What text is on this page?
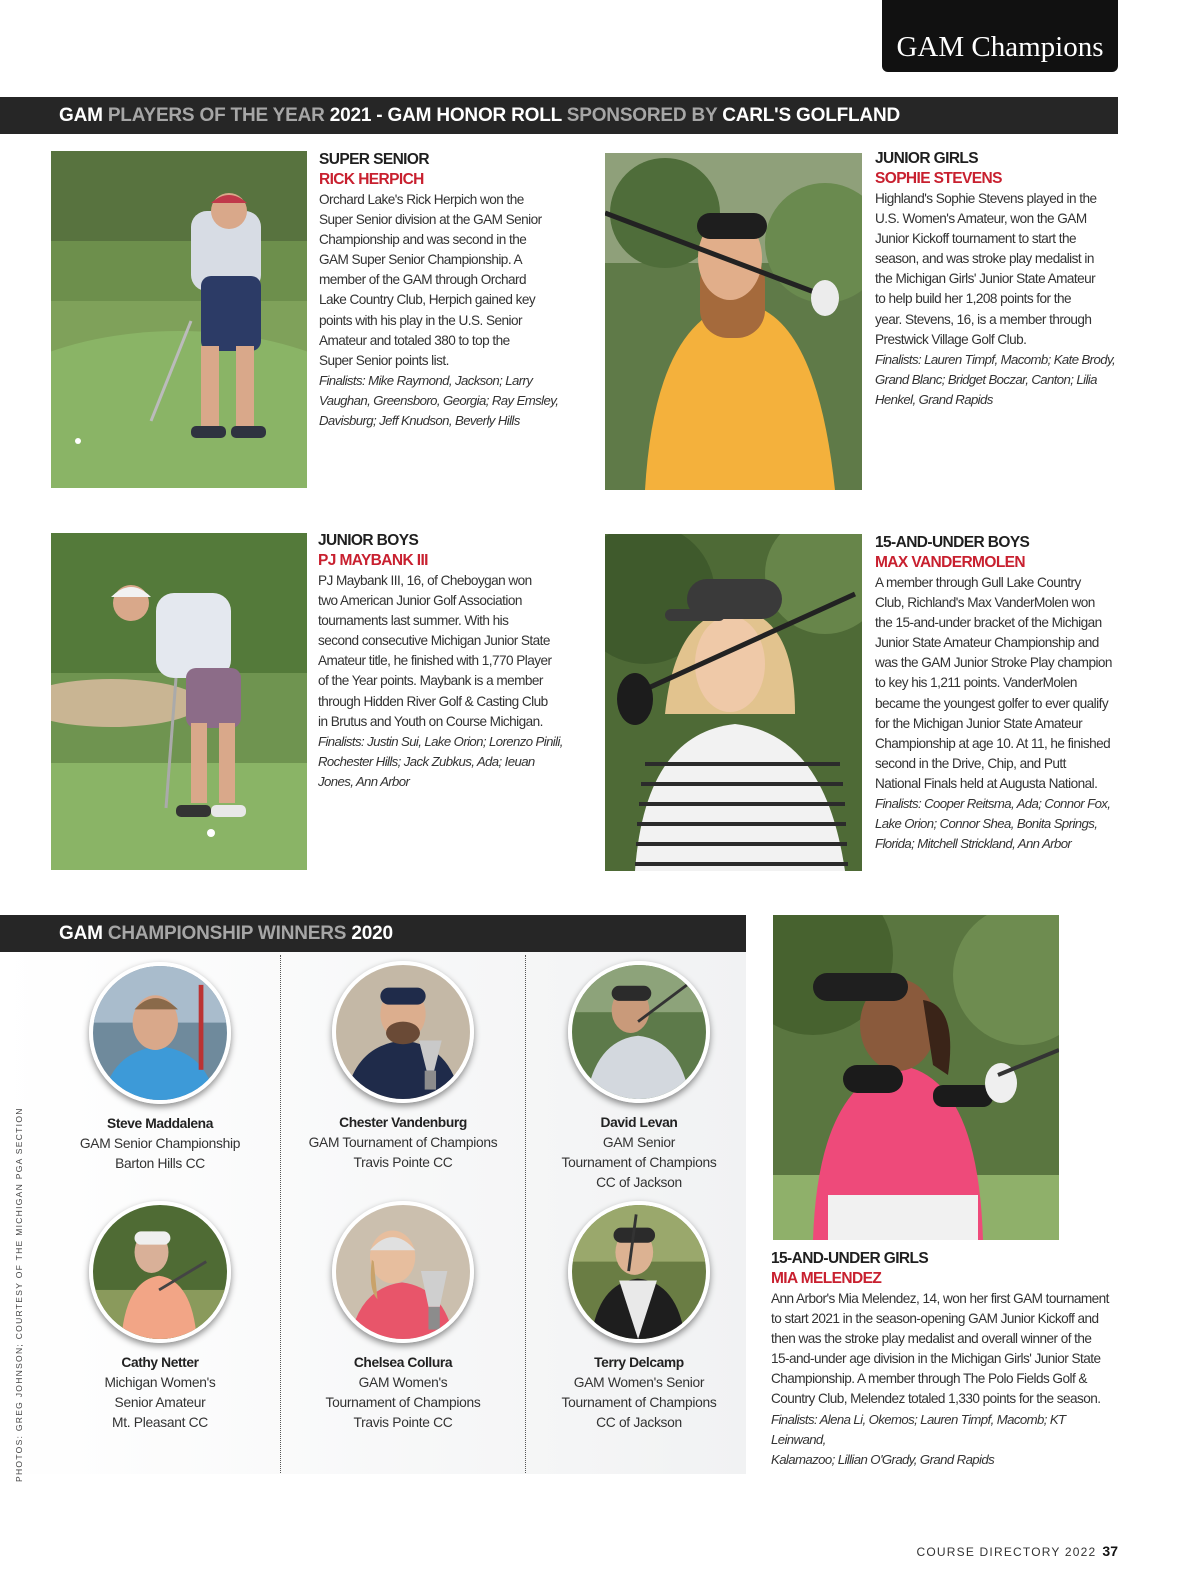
GAM Champions
GAM PLAYERS OF THE YEAR 2021 - GAM HONOR ROLL SPONSORED BY CARL'S GOLFLAND
SUPER SENIOR
RICK HERPICH
Orchard Lake's Rick Herpich won the
Super Senior division at the GAM Senior
Championship and was second in the
GAM Super Senior Championship. A
member of the GAM through Orchard
Lake Country Club, Herpich gained key
points with his play in the U.S. Senior
Amateur and totaled 380 to top the
Super Senior points list.
Finalists: Mike Raymond, Jackson; Larry
Vaughan, Greensboro, Georgia; Ray Emsley,
Davisburg; Jeff Knudson, Beverly Hills
JUNIOR GIRLS
SOPHIE STEVENS
Highland's Sophie Stevens played in the
U.S. Women's Amateur, won the GAM
Junior Kickoff tournament to start the
season, and was stroke play medalist in
the Michigan Girls' Junior State Amateur
to help build her 1,208 points for the
year. Stevens, 16, is a member through
Prestwick Village Golf Club.
Finalists: Lauren Timpf, Macomb; Kate Brody,
Grand Blanc; Bridget Boczar, Canton; Lilia
Henkel, Grand Rapids
JUNIOR BOYS
PJ MAYBANK III
PJ Maybank III, 16, of Cheboygan won
two American Junior Golf Association
tournaments last summer. With his
second consecutive Michigan Junior State
Amateur title, he finished with 1,770 Player
of the Year points. Maybank is a member
through Hidden River Golf & Casting Club
in Brutus and Youth on Course Michigan.
Finalists: Justin Sui, Lake Orion; Lorenzo Pinili,
Rochester Hills; Jack Zubkus, Ada; Ieuan
Jones, Ann Arbor
15-AND-UNDER BOYS
MAX VANDERMOLEN
A member through Gull Lake Country
Club, Richland's Max VanderMolen won
the 15-and-under bracket of the Michigan
Junior State Amateur Championship and
was the GAM Junior Stroke Play champion
to key his 1,211 points. VanderMolen
became the youngest golfer to ever qualify
for the Michigan Junior State Amateur
Championship at age 10. At 11, he finished
second in the Drive, Chip, and Putt
National Finals held at Augusta National.
Finalists: Cooper Reitsma, Ada; Connor Fox,
Lake Orion; Connor Shea, Bonita Springs,
Florida; Mitchell Strickland, Ann Arbor
GAM CHAMPIONSHIP WINNERS 2020
Steve Maddalena
GAM Senior Championship
Barton Hills CC
Chester Vandenburg
GAM Tournament of Champions
Travis Pointe CC
David Levan
GAM Senior
Tournament of Champions
CC of Jackson
Cathy Netter
Michigan Women's
Senior Amateur
Mt. Pleasant CC
Chelsea Collura
GAM Women's
Tournament of Champions
Travis Pointe CC
Terry Delcamp
GAM Women's Senior
Tournament of Champions
CC of Jackson
15-AND-UNDER GIRLS
MIA MELENDEZ
Ann Arbor's Mia Melendez, 14, won her first GAM tournament
to start 2021 in the season-opening GAM Junior Kickoff and
then was the stroke play medalist and overall winner of the
15-and-under age division in the Michigan Girls' Junior State
Championship. A member through The Polo Fields Golf &
Country Club, Melendez totaled 1,330 points for the season.
Finalists: Alena Li, Okemos; Lauren Timpf, Macomb; KT Leinwand,
Kalamazoo; Lillian O'Grady, Grand Rapids
PHOTOS: GREG JOHNSON; COURTESY OF THE MICHIGAN PGA SECTION
COURSE DIRECTORY 2022 37
